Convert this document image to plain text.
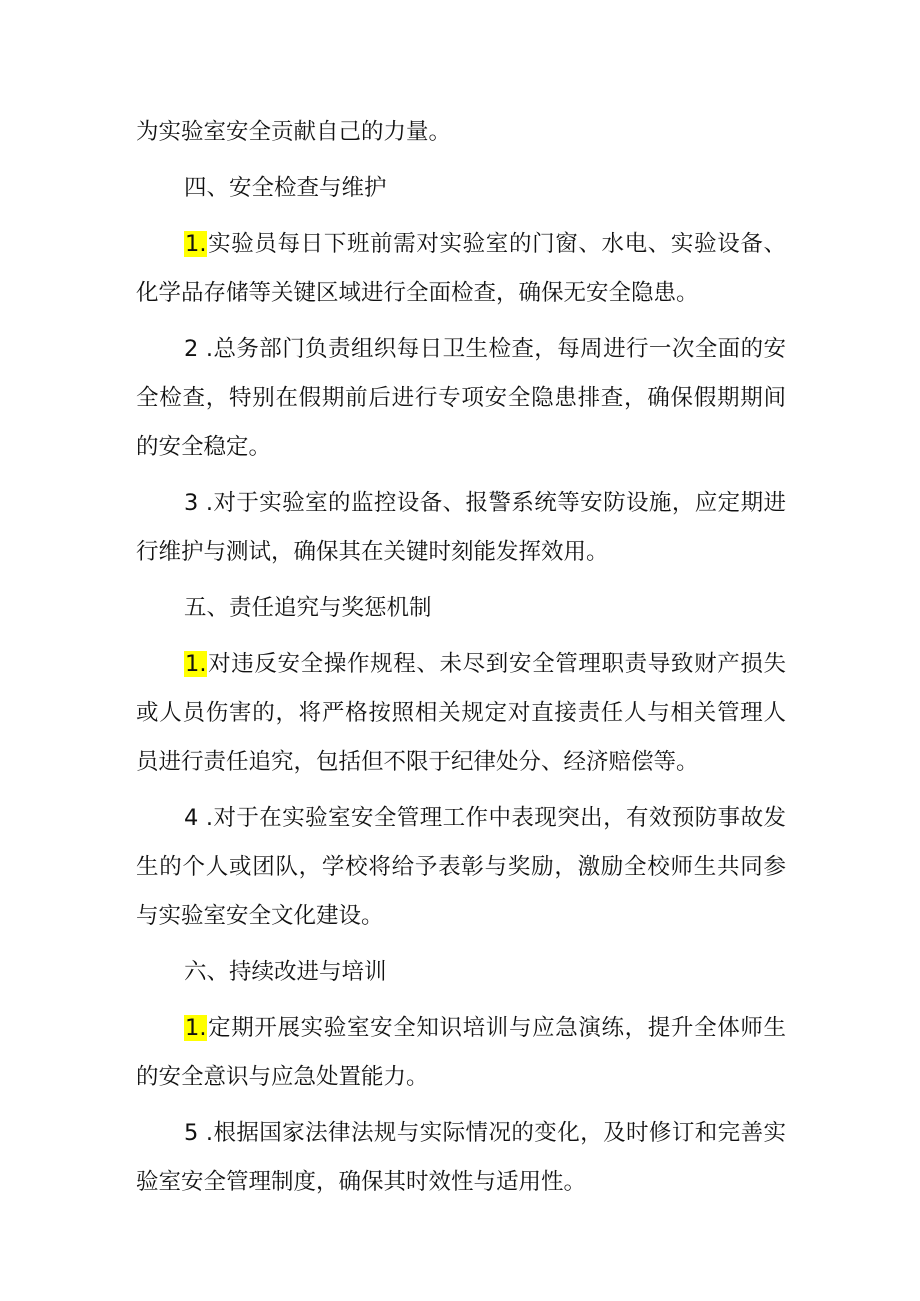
为实验室安全贡献自己的力量。

四、安全检查与维护

1.实验员每日下班前需对实验室的门窗、水电、实验设备、化学品存储等关键区域进行全面检查，确保无安全隐患。

2 .总务部门负责组织每日卫生检查，每周进行一次全面的安全检查，特别在假期前后进行专项安全隐患排查，确保假期期间的安全稳定。

3 .对于实验室的监控设备、报警系统等安防设施，应定期进行维护与测试，确保其在关键时刻能发挥效用。

五、责任追究与奖惩机制

1.对违反安全操作规程、未尽到安全管理职责导致财产损失或人员伤害的，将严格按照相关规定对直接责任人与相关管理人员进行责任追究，包括但不限于纪律处分、经济赔偿等。

4 .对于在实验室安全管理工作中表现突出，有效预防事故发生的个人或团队，学校将给予表彰与奖励，激励全校师生共同参与实验室安全文化建设。

六、持续改进与培训

1.定期开展实验室安全知识培训与应急演练，提升全体师生的安全意识与应急处置能力。

5 .根据国家法律法规与实际情况的变化，及时修订和完善实验室安全管理制度，确保其时效性与适用性。
